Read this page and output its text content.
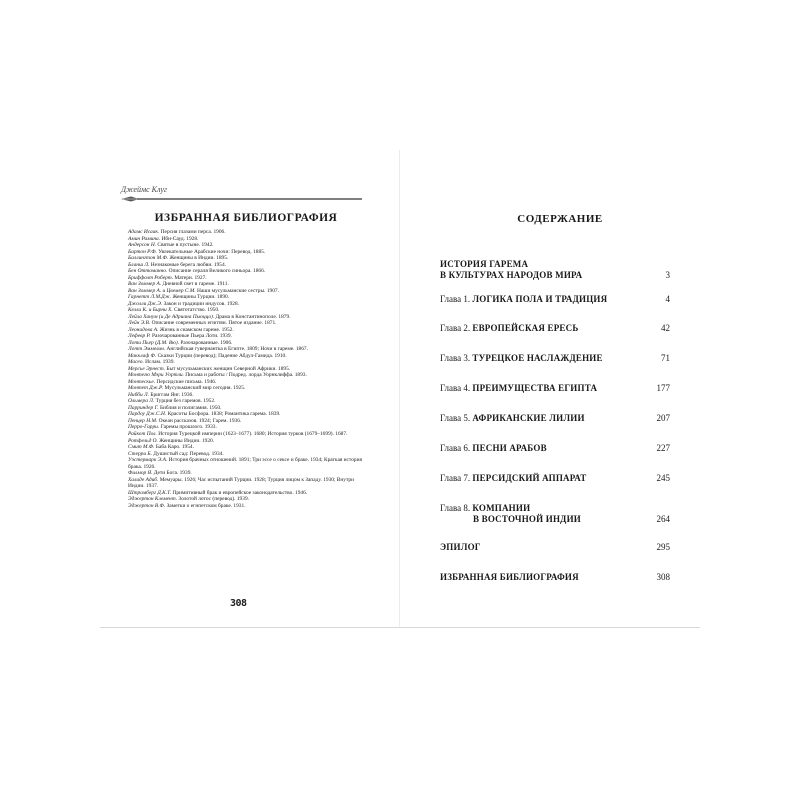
Джеймс Клуг
ИЗБРАННАЯ БИБЛИОГРАФИЯ
Адамс Исаак. Персия глазами перса. 1906.
Амин Рамина. Ибн-Сауд. 1928.
Андерсон Н. Святые в пустыне. 1942.
Бартон Р.Ф. Увлекательные Арабские ночи: Перевод. 1885.
Баллингтон М.Ф. Женщины в Индии. 1895.
Бланш Л. Незнакомые берега любви. 1954.
Бен Оттоманно. Описание сераля Великого синьора. 1866.
Бриффолт Роберт. Матери. 1927.
Ван Зоммер А. Дневной свет в гареме. 1911.
Ван Зоммер А. и Цвемер С.М. Наши мусульманские сестры. 1907.
Гарнетт Л.М.Дж. Женщины Турции. 1890.
Джолли Дж.Э. Закон и традиции индусов. 1928.
Келли К. и Бирни Х. Святотатство. 1950.
Лейла Ханум (и Де Адриана Пьюццо). Драма в Константинополе. 1879.
Лейн Э.В. Описание современных египтян. Пятое издание. 1871.
Леонидова А. Жизнь в сиамском гареме. 1952.
Лефевр Р. Разочарованные Пьера Лоти. 1939.
Лоти Пьер (Д.М. Вю). Разочарованные. 1906.
Лотт Эммелин. Английская гувернантка в Египте. 1809; Ночи в гареме. 1867.
Макклаф Ф. Сказки Турции (перевод); Падение Абдул-Гамида. 1910.
Масео. Ислам. 1939.
Мерсье Эрнест. Быт мусульманских женщин Северной Африки. 1895.
Монтегю Мэри Уортли. Письма и работы / Подред. лорда Уорнклиффа. 1893.
Монтескье. Персидские письма. 1946.
Монтет Дж.Р. Мусульманский мир сегодня. 1925.
Нибби Л. Бриггам Янг. 1936.
Ольмера Л. Турция без гаремов. 1952.
Парриндер Г. Библия и полигамия. 1950.
Пардоу Дж.С.Н. Красоты Босфора. 1838; Романтика гарема. 1839.
Пенцер Н.М. Океан рассказов. 1924; Гарем. 1936.
Перро-Гарри. Гаремы прошлого. 1933.
Райкот Пол. История Турецкой империи (1623–1677). 1680; История турков (1679–1699). 1687.
Ротфельд О. Женщины Индии. 1920.
Смит М.Ф. Баба Каро. 1954.
Стерри Б. Душистый сад: Перевод. 1934.
Уэстермарк Э.А. История брачных отношений. 1891; Три эссе о сексе и браке. 1934; Краткая история брака. 1926.
Филмор Я. Дети Бога. 1939.
Халиде Адиб. Мемуары. 1926; Час испытаний Турции. 1928; Турция лицом к Западу. 1930; Внутри Индии. 1937.
Штромберг Д.К.Т. Примитивный брак и европейское законодательство. 1946.
Эджертон Клемент. Золотой лотос (перевод). 1939.
Эджертон В.Ф. Заметки о египетском браке. 1931.
308
СОДЕРЖАНИЕ
ИСТОРИЯ ГАРЕМА
В КУЛЬТУРАХ НАРОДОВ МИРА	3
Глава 1. ЛОГИКА ПОЛА И ТРАДИЦИЯ	4
Глава 2. ЕВРОПЕЙСКАЯ ЕРЕСЬ	42
Глава 3. ТУРЕЦКОЕ НАСЛАЖДЕНИЕ	71
Глава 4. ПРЕИМУЩЕСТВА ЕГИПТА	177
Глава 5. АФРИКАНСКИЕ ЛИЛИИ	207
Глава 6. ПЕСНИ АРАБОВ	227
Глава 7. ПЕРСИДСКИЙ АППАРАТ	245
Глава 8. КОМПАНИИ
В ВОСТОЧНОЙ ИНДИИ	264
ЭПИЛОГ	295
ИЗБРАННАЯ БИБЛИОГРАФИЯ	308
